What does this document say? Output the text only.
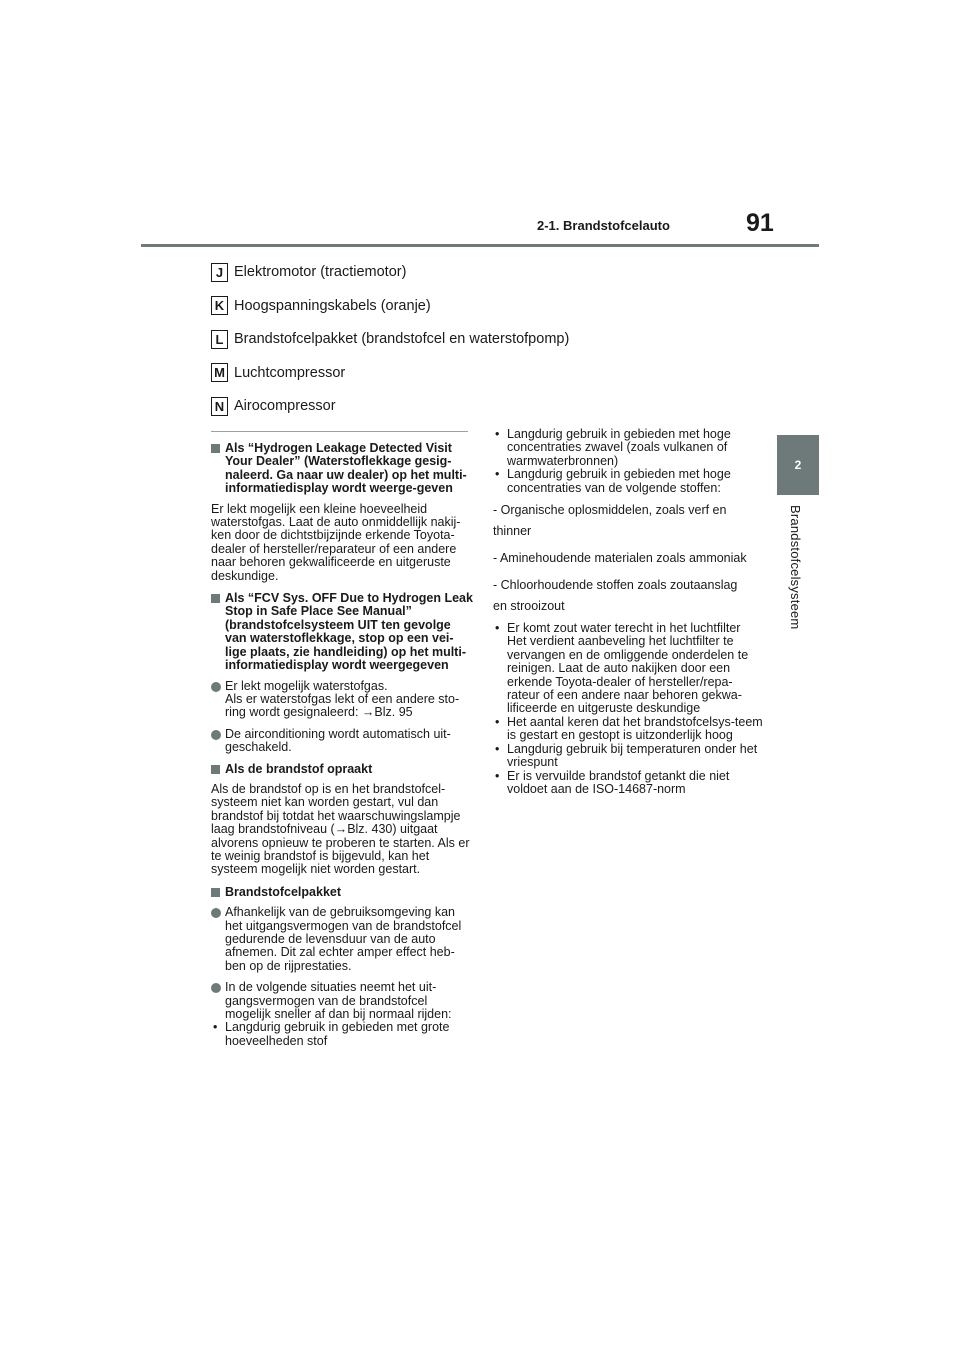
2-1. Brandstofcelauto	91
2
Brandstofcelsysteem
J Elektromotor (tractiemotor)
K Hoogspanningskabels (oranje)
L Brandstofcelpakket (brandstofcel en waterstofpomp)
M Luchtcompressor
N Airocompressor
Als “Hydrogen Leakage Detected Visit Your Dealer” (Waterstoflekkage gesig-naleerd. Ga naar uw dealer) op het multi-informatiedisplay wordt weerge-geven
Er lekt mogelijk een kleine hoeveelheid waterstofgas. Laat de auto onmiddellijk nakij-ken door de dichtstbijzijnde erkende Toyota-dealer of hersteller/reparateur of een andere naar behoren gekwalificeerde en uitgeruste deskundige.
Als “FCV Sys. OFF Due to Hydrogen Leak Stop in Safe Place See Manual” (brandstofcelsysteem UIT ten gevolge van waterstoflekkage, stop op een vei-lige plaats, zie handleiding) op het multi-informatiedisplay wordt weergegeven
Er lekt mogelijk waterstofgas.
Als er waterstofgas lekt of een andere sto-ring wordt gesignaleerd: →Blz. 95
De airconditioning wordt automatisch uit-geschakeld.
Als de brandstof opraakt
Als de brandstof op is en het brandstofcel-systeem niet kan worden gestart, vul dan brandstof bij totdat het waarschuwingslampje laag brandstofniveau (→Blz. 430) uitgaat alvorens opnieuw te proberen te starten. Als er te weinig brandstof is bijgevuld, kan het systeem mogelijk niet worden gestart.
Brandstofcelpakket
Afhankelijk van de gebruiksomgeving kan het uitgangsvermogen van de brandstofcel gedurende de levensduur van de auto afnemen. Dit zal echter amper effect heb-ben op de rijprestaties.
In de volgende situaties neemt het uit-gangsvermogen van de brandstofcel mogelijk sneller af dan bij normaal rijden:
• Langdurig gebruik in gebieden met grote hoeveelheden stof
• Langdurig gebruik in gebieden met hoge concentraties zwavel (zoals vulkanen of warmwaterbronnen)
• Langdurig gebruik in gebieden met hoge concentraties van de volgende stoffen:
- Organische oplosmiddelen, zoals verf en
thinner
- Aminehoudende materialen zoals ammoniak
- Chloorhoudende stoffen zoals zoutaanslag
en strooizout
• Er komt zout water terecht in het luchtfilter Het verdient aanbeveling het luchtfilter te vervangen en de omliggende onderdelen te reinigen. Laat de auto nakijken door een erkende Toyota-dealer of hersteller/repa-rateur of een andere naar behoren gekwa-lificeerde en uitgeruste deskundige
• Het aantal keren dat het brandstofcelsys-teem is gestart en gestopt is uitzonderlijk hoog
• Langdurig gebruik bij temperaturen onder het vriespunt
• Er is vervuilde brandstof getankt die niet voldoet aan de ISO-14687-norm
